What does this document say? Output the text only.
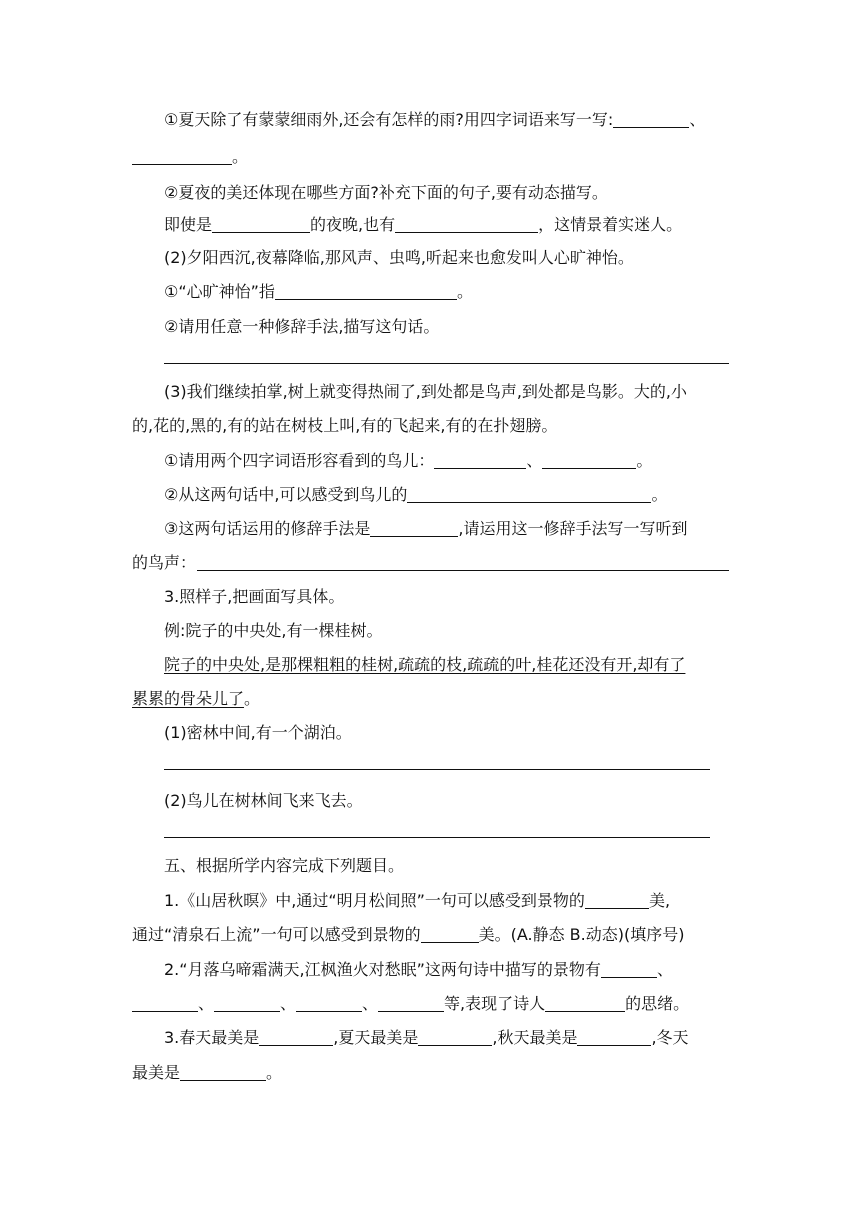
①夏天除了有蒙蒙细雨外,还会有怎样的雨?用四字词语来写一写:	、
。
②夏夜的美还体现在哪些方面?补充下面的句子,要有动态描写。
即使是	的夜晚,也有	，这情景着实迷人。
(2)夕阳西沉,夜幕降临,那风声、虫鸣,听起来也愈发叫人心旷神怡。
①“心旷神怡”指	。
②请用任意一种修辞手法,描写这句话。
(3)我们继续拍掌,树上就变得热闹了,到处都是鸟声,到处都是鸟影。大的,小
的,花的,黑的,有的站在树枝上叫,有的飞起来,有的在扑翅膀。
①请用两个四字词语形容看到的鸟儿：	、	。
②从这两句话中,可以感受到鸟儿的	。
③这两句话运用的修辞手法是	,请运用这一修辞手法写一写听到
的鸟声：
3.照样子,把画面写具体。
例:院子的中央处,有一棵桂树。
院子的中央处,是那棵粗粗的桂树,疏疏的枝,疏疏的叶,桂花还没有开,却有了
累累的骨朵儿了。
(1)密林中间,有一个湖泊。
(2)鸟儿在树林间飞来飞去。
五、根据所学内容完成下列题目。
1.《山居秋暝》中,通过“明月松间照”一句可以感受到景物的	美,
通过“清泉石上流”一句可以感受到景物的	美。(A.静态 B.动态)(填序号)
2.“月落乌啼霜满天,江枫渔火对愁眠”这两句诗中描写的景物有	、
、	、	、	等,表现了诗人	的思绪。
3.春天最美是	,夏天最美是	,秋天最美是	,冬天
最美是	。
